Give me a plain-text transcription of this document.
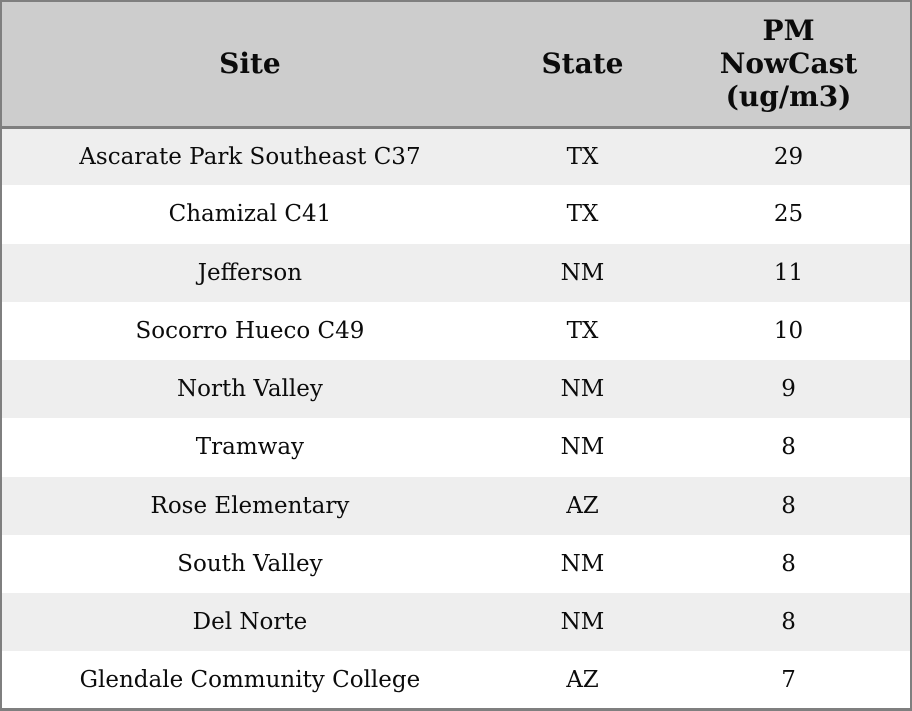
Site	State	PM NowCast (ug/m3)
Ascarate Park Southeast C37	TX	29
Chamizal C41	TX	25
Jefferson	NM	11
Socorro Hueco C49	TX	10
North Valley	NM	9
Tramway	NM	8
Rose Elementary	AZ	8
South Valley	NM	8
Del Norte	NM	8
Glendale Community College	AZ	7
